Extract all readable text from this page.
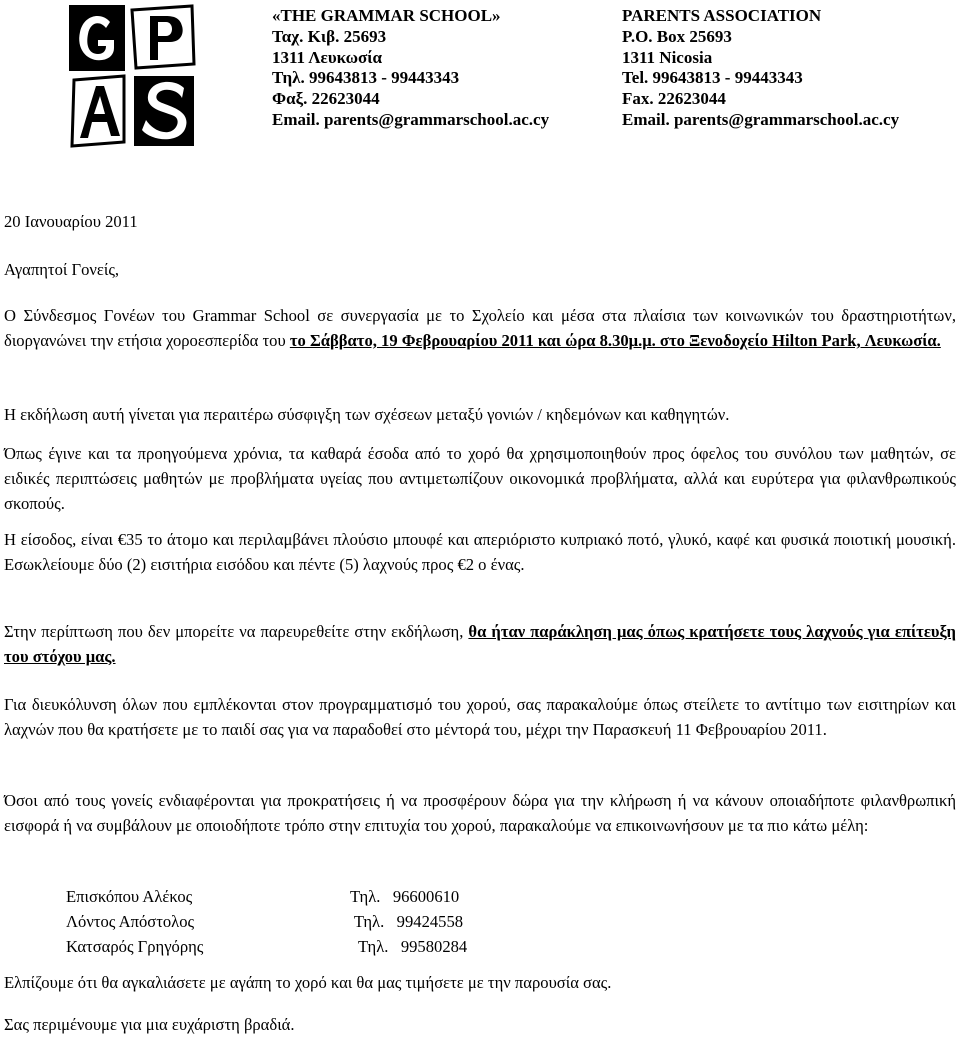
«THE GRAMMAR SCHOOL»
Ταχ. Κιβ. 25693
1311 Λευκωσία
Τηλ. 99643813 - 99443343
Φαξ. 22623044
Email. parents@grammarschool.ac.cy
PARENTS ASSOCIATION
P.O. Box 25693
1311 Nicosia
Tel. 99643813 - 99443343
Fax. 22623044
Email. parents@grammarschool.ac.cy

20 Ιανουαρίου 2011

Αγαπητοί Γονείς,

Ο Σύνδεσμος Γονέων του Grammar School σε συνεργασία με το Σχολείο και μέσα στα πλαίσια των κοινωνικών του δραστηριοτήτων, διοργανώνει την ετήσια χοροεσπερίδα του το Σάββατο, 19 Φεβρουαρίου 2011 και ώρα 8.30μ.μ. στο Ξενοδοχείο Hilton Park, Λευκωσία.

Η εκδήλωση αυτή γίνεται για περαιτέρω σύσφιγξη των σχέσεων μεταξύ γονιών / κηδεμόνων και καθηγητών.

Όπως έγινε και τα προηγούμενα χρόνια, τα καθαρά έσοδα από το χορό θα χρησιμοποιηθούν προς όφελος του συνόλου των μαθητών, σε ειδικές περιπτώσεις μαθητών με προβλήματα υγείας που αντιμετωπίζουν οικονομικά προβλήματα, αλλά και ευρύτερα για φιλανθρωπικούς σκοπούς.

Η είσοδος, είναι €35 το άτομο και περιλαμβάνει πλούσιο μπουφέ και απεριόριστο κυπριακό ποτό, γλυκό, καφέ και φυσικά ποιοτική μουσική. Εσωκλείουμε δύο (2) εισιτήρια εισόδου και πέντε (5) λαχνούς προς €2 ο ένας.

Στην περίπτωση που δεν μπορείτε να παρευρεθείτε στην εκδήλωση, θα ήταν παράκληση μας όπως κρατήσετε τους λαχνούς για επίτευξη του στόχου μας.

Για διευκόλυνση όλων που εμπλέκονται στον προγραμματισμό του χορού, σας παρακαλούμε όπως στείλετε το αντίτιμο των εισιτηρίων και λαχνών που θα κρατήσετε με το παιδί σας για να παραδοθεί στο μέντορά του, μέχρι την Παρασκευή 11 Φεβρουαρίου 2011.

Όσοι από τους γονείς ενδιαφέρονται για προκρατήσεις ή να προσφέρουν δώρα για την κλήρωση ή να κάνουν οποιαδήποτε φιλανθρωπική εισφορά ή να συμβάλουν με οποιοδήποτε τρόπο στην επιτυχία του χορού, παρακαλούμε να επικοινωνήσουν με τα πιο κάτω μέλη:

Επισκόπου Αλέκος	Τηλ.   96600610
Λόντος Απόστολος	Τηλ.   99424558
Κατσαρός Γρηγόρης	Τηλ.   99580284

Ελπίζουμε ότι θα αγκαλιάσετε με αγάπη το χορό και θα μας τιμήσετε με την παρουσία σας.

Σας περιμένουμε για μια ευχάριστη βραδιά.
